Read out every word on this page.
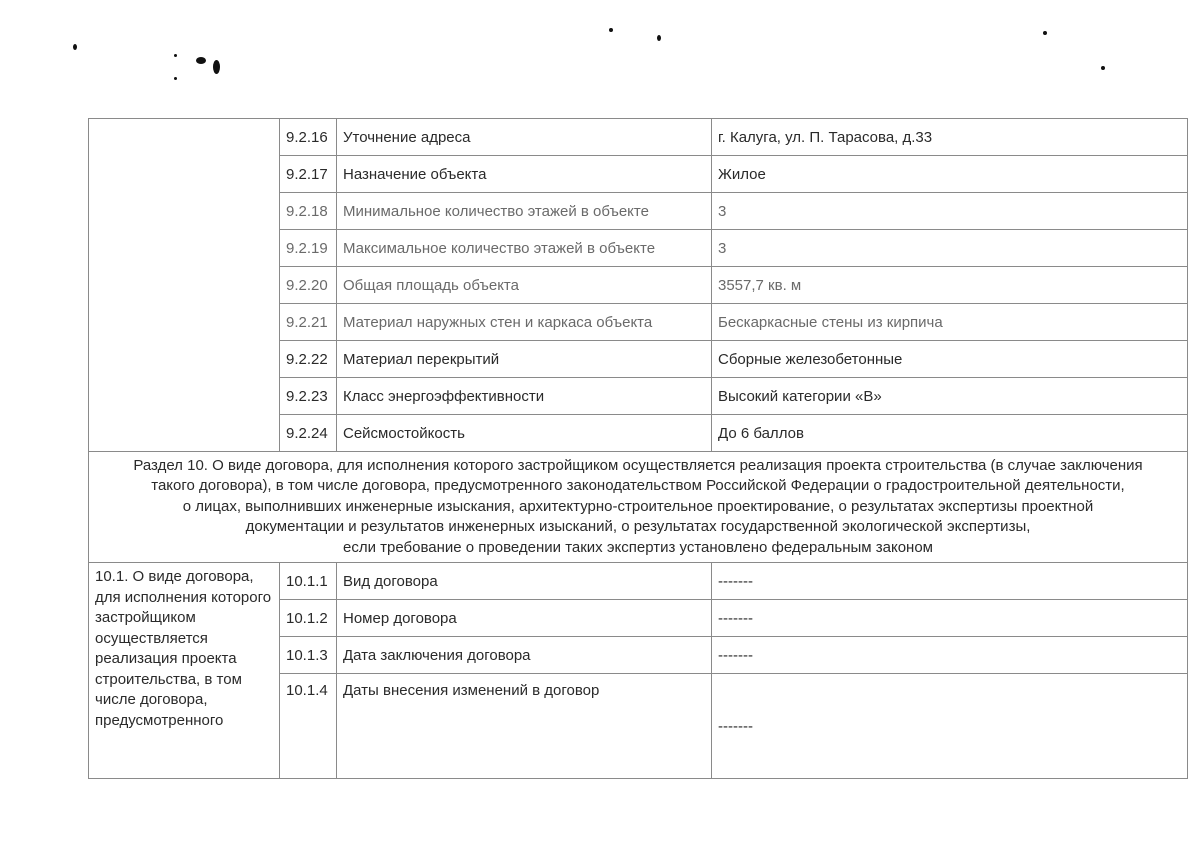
	9.2.16	Уточнение адреса	г. Калуга, ул. П. Тарасова, д.33
	9.2.17	Назначение объекта	Жилое
	9.2.18	Минимальное количество этажей в объекте	3
	9.2.19	Максимальное количество этажей в объекте	3
	9.2.20	Общая площадь объекта	3557,7 кв. м
	9.2.21	Материал наружных стен и каркаса объекта	Бескаркасные стены из кирпича
	9.2.22	Материал перекрытий	Сборные железобетонные
	9.2.23	Класс энергоэффективности	Высокий категории «В»
	9.2.24	Сейсмостойкость	До 6 баллов

Раздел 10. О виде договора, для исполнения которого застройщиком осуществляется реализация проекта строительства (в случае заключения
такого договора), в том числе договора, предусмотренного законодательством Российской Федерации о градостроительной деятельности,
о лицах, выполнивших инженерные изыскания, архитектурно-строительное проектирование, о результатах экспертизы проектной
документации и результатов инженерных изысканий, о результатах государственной экологической экспертизы,
если требование о проведении таких экспертиз установлено федеральным законом			

10.1. О виде договора, для исполнения которого застройщиком осуществляется реализация проекта строительства, в том числе договора, предусмотренного	10.1.1	Вид договора	-------
	10.1.2	Номер договора	-------
	10.1.3	Дата заключения договора	-------
	10.1.4	Даты внесения изменений в договор	-------
